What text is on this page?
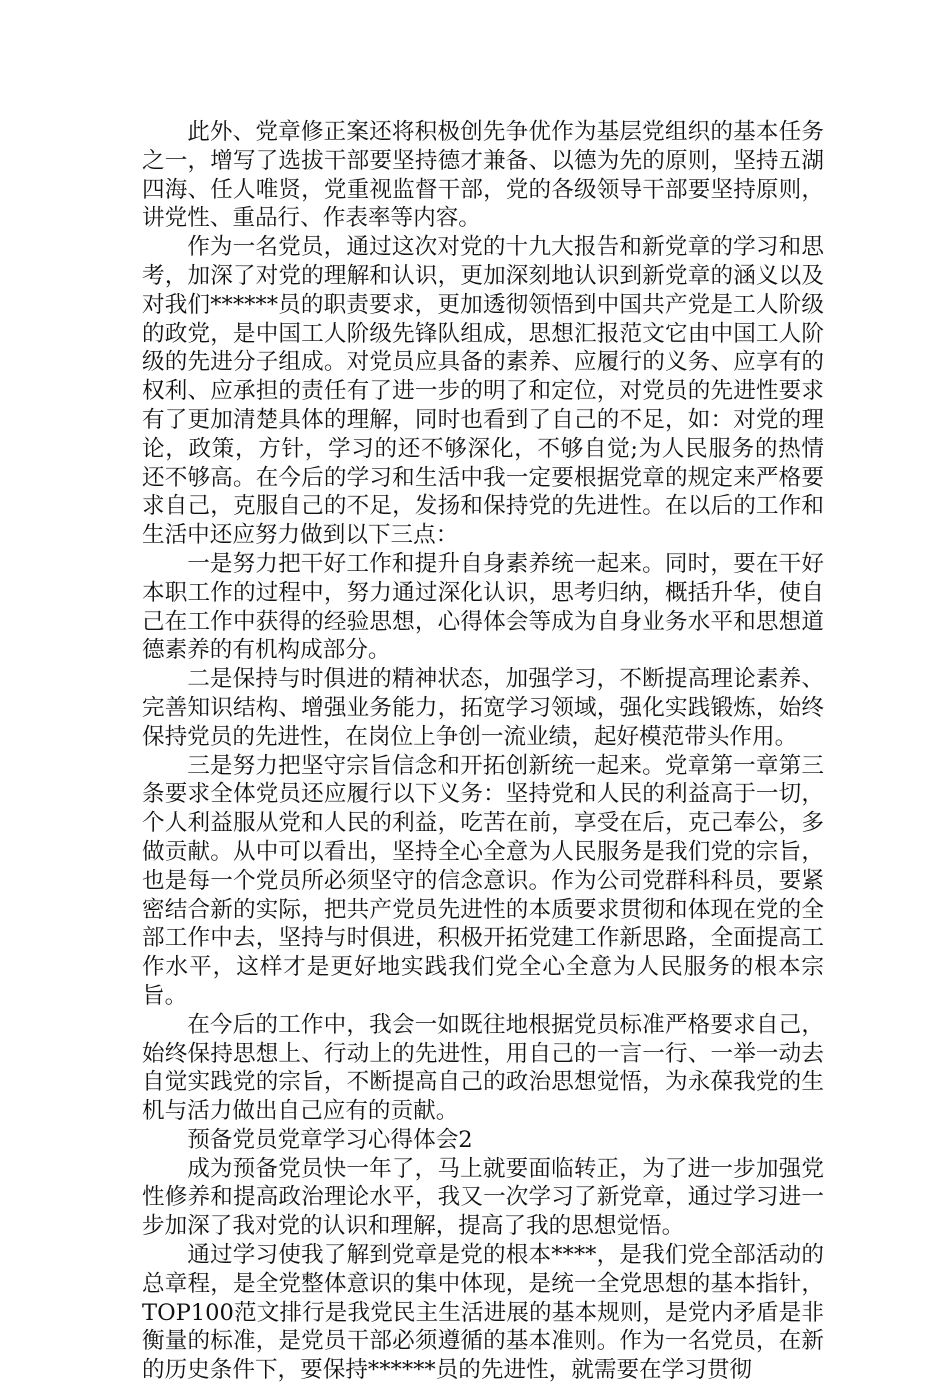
此外、党章修正案还将积极创先争优作为基层党组织的基本任务之一，增写了选拔干部要坚持德才兼备、以德为先的原则，坚持五湖四海、任人唯贤，党重视监督干部，党的各级领导干部要坚持原则，讲党性、重品行、作表率等内容。

作为一名党员，通过这次对党的十九大报告和新党章的学习和思考，加深了对党的理解和认识，更加深刻地认识到新党章的涵义以及对我们******员的职责要求，更加透彻领悟到中国共产党是工人阶级的政党，是中国工人阶级先锋队组成，思想汇报范文它由中国工人阶级的先进分子组成。对党员应具备的素养、应履行的义务、应享有的权利、应承担的责任有了进一步的明了和定位，对党员的先进性要求有了更加清楚具体的理解，同时也看到了自己的不足，如：对党的理论，政策，方针，学习的还不够深化，不够自觉;为人民服务的热情还不够高。在今后的学习和生活中我一定要根据党章的规定来严格要求自己，克服自己的不足，发扬和保持党的先进性。在以后的工作和生活中还应努力做到以下三点：

一是努力把干好工作和提升自身素养统一起来。同时，要在干好本职工作的过程中，努力通过深化认识，思考归纳，概括升华，使自己在工作中获得的经验思想，心得体会等成为自身业务水平和思想道德素养的有机构成部分。

二是保持与时俱进的精神状态，加强学习，不断提高理论素养、完善知识结构、增强业务能力，拓宽学习领域，强化实践锻炼，始终保持党员的先进性，在岗位上争创一流业绩，起好模范带头作用。

三是努力把坚守宗旨信念和开拓创新统一起来。党章第一章第三条要求全体党员还应履行以下义务：坚持党和人民的利益高于一切，个人利益服从党和人民的利益，吃苦在前，享受在后，克己奉公，多做贡献。从中可以看出，坚持全心全意为人民服务是我们党的宗旨，也是每一个党员所必须坚守的信念意识。作为公司党群科科员，要紧密结合新的实际，把共产党员先进性的本质要求贯彻和体现在党的全部工作中去，坚持与时俱进，积极开拓党建工作新思路，全面提高工作水平，这样才是更好地实践我们党全心全意为人民服务的根本宗旨。

在今后的工作中，我会一如既往地根据党员标准严格要求自己，始终保持思想上、行动上的先进性，用自己的一言一行、一举一动去自觉实践党的宗旨，不断提高自己的政治思想觉悟，为永葆我党的生机与活力做出自己应有的贡献。

预备党员党章学习心得体会2

成为预备党员快一年了，马上就要面临转正，为了进一步加强党性修养和提高政治理论水平，我又一次学习了新党章，通过学习进一步加深了我对党的认识和理解，提高了我的思想觉悟。

通过学习使我了解到党章是党的根本****，是我们党全部活动的总章程，是全党整体意识的集中体现，是统一全党思想的基本指针，TOP100范文排行是我党民主生活进展的基本规则，是党内矛盾是非衡量的标准，是党员干部必须遵循的基本准则。作为一名党员，在新的历史条件下，要保持******员的先进性，就需要在学习贯彻
